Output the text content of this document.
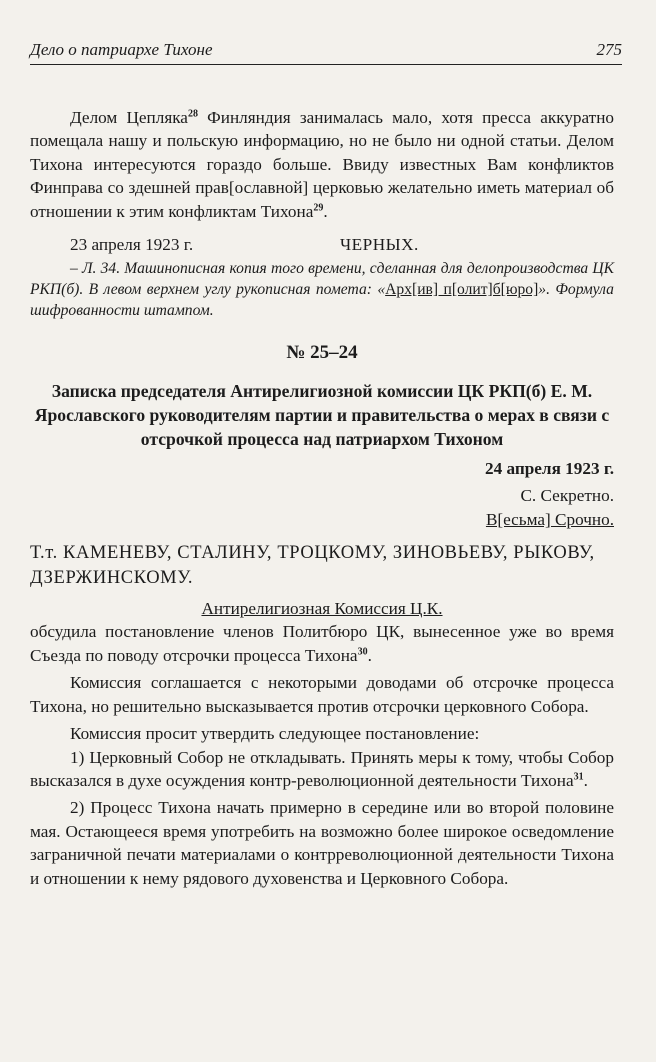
Дело о патриархе Тихоне	275

Делом Цепляка$^{28}$ Финляндия занималась мало, хотя пресса аккуратно помещала нашу и польскую информацию, но не было ни одной статьи. Делом Тихона интересуются гораздо больше. Ввиду известных Вам конфликтов Финправа со здешней прав[ославной] церковью желательно иметь материал об отношении к этим конфликтам Тихона$^{29}$.

23 апреля 1923 г.	ЧЕРНЫХ.

– Л. 34. Машинописная копия того времени, сделанная для делопроизводства ЦК РКП(б). В левом верхнем углу рукописная помета: «Арх[ив] п[олит]б[юро]». Формула шифрованности штампом.

№ 25–24
Записка председателя Антирелигиозной комиссии ЦК РКП(б) Е. М. Ярославского руководителям партии и правительства о мерах в связи с отсрочкой процесса над патриархом Тихоном

24 апреля 1923 г.

С. Секретно.

В[есьма] Срочно.

Т.т. КАМЕНЕВУ, СТАЛИНУ, ТРОЦКОМУ, ЗИНОВЬЕВУ, РЫКОВУ, ДЗЕРЖИНСКОМУ.

Антирелигиозная Комиссия Ц.К.

обсудила постановление членов Политбюро ЦК, вынесенное уже во время Съезда по поводу отсрочки процесса Тихона$^{30}$.

Комиссия соглашается с некоторыми доводами об отсрочке процесса Тихона, но решительно высказывается против отсрочки церковного Собора.

Комиссия просит утвердить следующее постановление:

1) Церковный Собор не откладывать. Принять меры к тому, чтобы Собор высказался в духе осуждения контр-революционной деятельности Тихона$^{31}$.

2) Процесс Тихона начать примерно в середине или во второй половине мая. Остающееся время употребить на возможно более широкое осведомление заграничной печати материалами о контрреволюционной деятельности Тихона и отношении к нему рядового духовенства и Церковного Собора.
